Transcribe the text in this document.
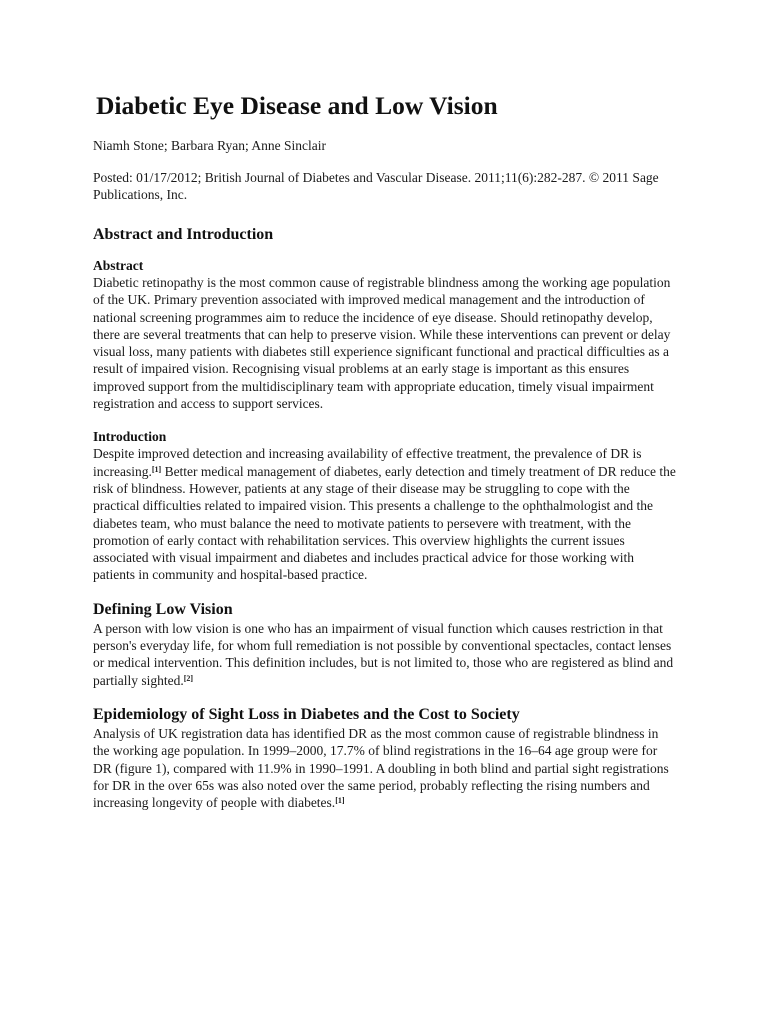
Diabetic Eye Disease and Low Vision

Niamh Stone; Barbara Ryan; Anne Sinclair

Posted: 01/17/2012; British Journal of Diabetes and Vascular Disease. 2011;11(6):282-287. © 2011 Sage Publications, Inc.

Abstract and Introduction
Abstract

Diabetic retinopathy is the most common cause of registrable blindness among the working age population of the UK. Primary prevention associated with improved medical management and the introduction of national screening programmes aim to reduce the incidence of eye disease. Should retinopathy develop, there are several treatments that can help to preserve vision. While these interventions can prevent or delay visual loss, many patients with diabetes still experience significant functional and practical difficulties as a result of impaired vision. Recognising visual problems at an early stage is important as this ensures improved support from the multidisciplinary team with appropriate education, timely visual impairment registration and access to support services.

Introduction

Despite improved detection and increasing availability of effective treatment, the prevalence of DR is increasing.[1] Better medical management of diabetes, early detection and timely treatment of DR reduce the risk of blindness. However, patients at any stage of their disease may be struggling to cope with the practical difficulties related to impaired vision. This presents a challenge to the ophthalmologist and the diabetes team, who must balance the need to motivate patients to persevere with treatment, with the promotion of early contact with rehabilitation services. This overview highlights the current issues associated with visual impairment and diabetes and includes practical advice for those working with patients in community and hospital-based practice.

Defining Low Vision

A person with low vision is one who has an impairment of visual function which causes restriction in that person's everyday life, for whom full remediation is not possible by conventional spectacles, contact lenses or medical intervention. This definition includes, but is not limited to, those who are registered as blind and partially sighted.[2]

Epidemiology of Sight Loss in Diabetes and the Cost to Society

Analysis of UK registration data has identified DR as the most common cause of registrable blindness in the working age population. In 1999–2000, 17.7% of blind registrations in the 16–64 age group were for DR (figure 1), compared with 11.9% in 1990–1991. A doubling in both blind and partial sight registrations for DR in the over 65s was also noted over the same period, probably reflecting the rising numbers and increasing longevity of people with diabetes.[1]
